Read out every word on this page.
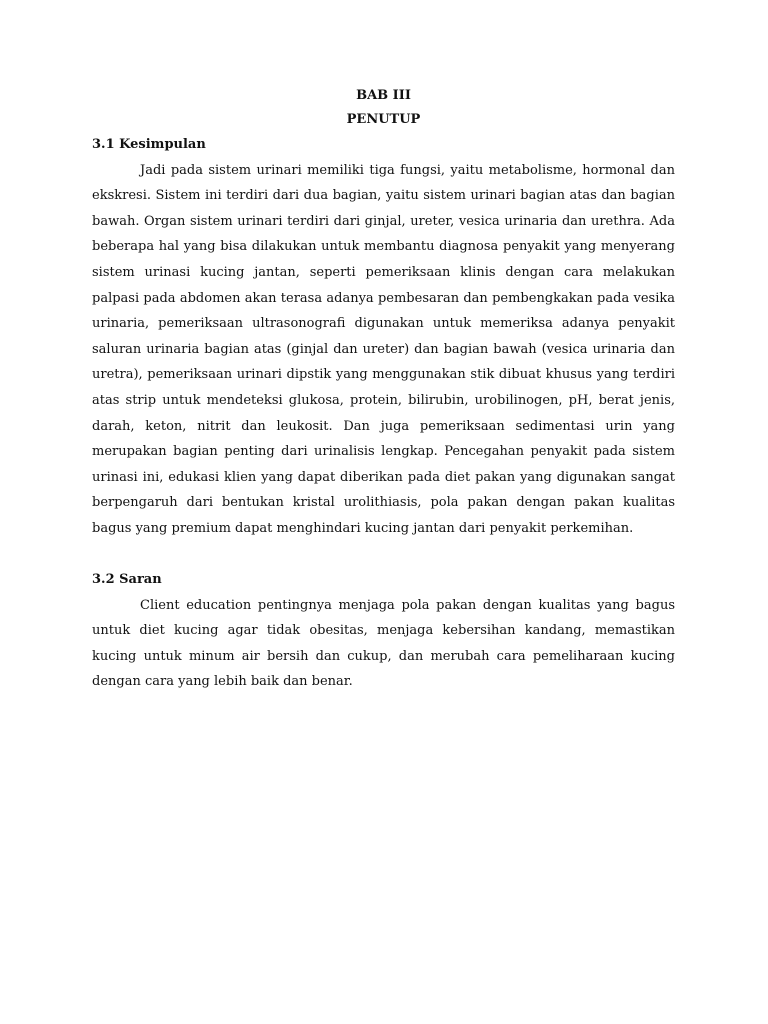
BAB III

PENUTUP

3.1 Kesimpulan

Jadi pada sistem urinari memiliki tiga fungsi, yaitu metabolisme, hormonal dan ekskresi. Sistem ini terdiri dari dua bagian, yaitu sistem urinari bagian atas dan bagian bawah. Organ sistem urinari terdiri dari ginjal, ureter, vesica urinaria dan urethra. Ada beberapa hal yang bisa dilakukan untuk membantu diagnosa penyakit yang menyerang sistem urinasi kucing jantan, seperti pemeriksaan klinis dengan cara melakukan palpasi pada abdomen akan terasa adanya pembesaran dan pembengkakan pada vesika urinaria, pemeriksaan ultrasonografi digunakan untuk memeriksa adanya penyakit saluran urinaria bagian atas (ginjal dan ureter) dan bagian bawah (vesica urinaria dan uretra), pemeriksaan urinari dipstik yang menggunakan stik dibuat khusus yang terdiri atas strip untuk mendeteksi glukosa, protein, bilirubin, urobilinogen, pH, berat jenis, darah, keton, nitrit dan leukosit. Dan juga pemeriksaan sedimentasi urin yang merupakan bagian penting dari urinalisis lengkap. Pencegahan penyakit pada sistem urinasi ini, edukasi klien yang dapat diberikan pada diet pakan yang digunakan sangat berpengaruh dari bentukan kristal urolithiasis, pola pakan dengan pakan kualitas bagus yang premium dapat menghindari kucing jantan dari penyakit perkemihan.

3.2 Saran

Client education pentingnya menjaga pola pakan dengan kualitas yang bagus untuk diet kucing agar tidak obesitas, menjaga kebersihan kandang, memastikan kucing untuk minum air bersih dan cukup, dan merubah cara pemeliharaan kucing dengan cara yang lebih baik dan benar.
